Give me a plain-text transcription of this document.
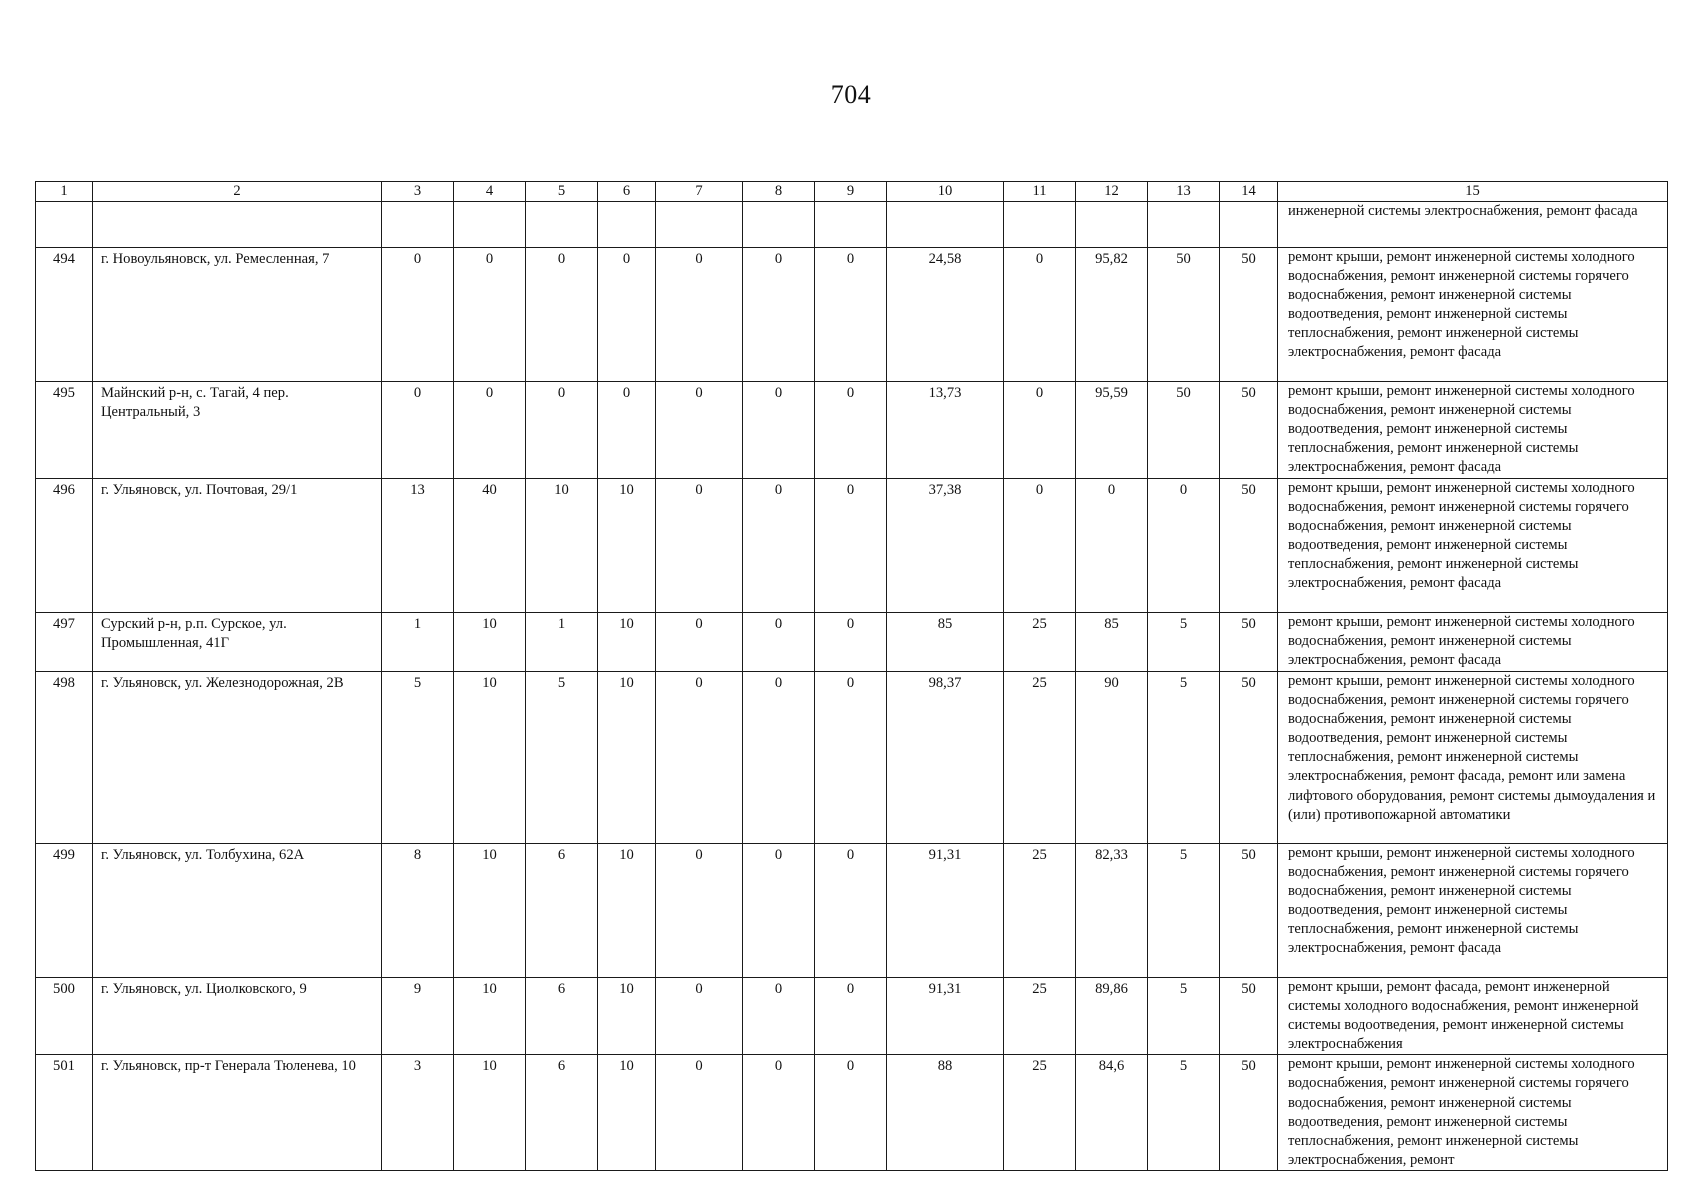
704
1	2	3	4	5	6	7	8	9	10	11	12	13	14	15
														инженерной системы электроснабжения, ремонт фасада
494	г. Новоульяновск, ул. Ремесленная, 7	0	0	0	0	0	0	0	24,58	0	95,82	50	50	ремонт крыши, ремонт инженерной системы холодного водоснабжения, ремонт инженерной системы горячего водоснабжения, ремонт инженерной системы водоотведения, ремонт инженерной системы теплоснабжения, ремонт инженерной системы электроснабжения, ремонт фасада
495	Майнский р-н, с. Тагай, 4 пер. Центральный, 3	0	0	0	0	0	0	0	13,73	0	95,59	50	50	ремонт крыши, ремонт инженерной системы холодного водоснабжения, ремонт инженерной системы водоотведения, ремонт инженерной системы теплоснабжения, ремонт инженерной системы электроснабжения, ремонт фасада
496	г. Ульяновск, ул. Почтовая, 29/1	13	40	10	10	0	0	0	37,38	0	0	0	50	ремонт крыши, ремонт инженерной системы холодного водоснабжения, ремонт инженерной системы горячего водоснабжения, ремонт инженерной системы водоотведения, ремонт инженерной системы теплоснабжения, ремонт инженерной системы электроснабжения, ремонт фасада
497	Сурский р-н, р.п. Сурское, ул. Промышленная, 41Г	1	10	1	10	0	0	0	85	25	85	5	50	ремонт крыши, ремонт инженерной системы холодного водоснабжения, ремонт инженерной системы электроснабжения, ремонт фасада
498	г. Ульяновск, ул. Железнодорожная, 2В	5	10	5	10	0	0	0	98,37	25	90	5	50	ремонт крыши, ремонт инженерной системы холодного водоснабжения, ремонт инженерной системы горячего водоснабжения, ремонт инженерной системы водоотведения, ремонт инженерной системы теплоснабжения, ремонт инженерной системы электроснабжения, ремонт фасада, ремонт или замена лифтового оборудования, ремонт системы дымоудаления и (или) противопожарной автоматики
499	г. Ульяновск, ул. Толбухина, 62А	8	10	6	10	0	0	0	91,31	25	82,33	5	50	ремонт крыши, ремонт инженерной системы холодного водоснабжения, ремонт инженерной системы горячего водоснабжения, ремонт инженерной системы водоотведения, ремонт инженерной системы теплоснабжения, ремонт инженерной системы электроснабжения, ремонт фасада
500	г. Ульяновск, ул. Циолковского, 9	9	10	6	10	0	0	0	91,31	25	89,86	5	50	ремонт крыши, ремонт фасада, ремонт инженерной системы холодного водоснабжения, ремонт инженерной системы водоотведения, ремонт инженерной системы электроснабжения
501	г. Ульяновск, пр-т Генерала Тюленева, 10	3	10	6	10	0	0	0	88	25	84,6	5	50	ремонт крыши, ремонт инженерной системы холодного водоснабжения, ремонт инженерной системы горячего водоснабжения, ремонт инженерной системы водоотведения, ремонт инженерной системы теплоснабжения, ремонт инженерной системы электроснабжения, ремонт
